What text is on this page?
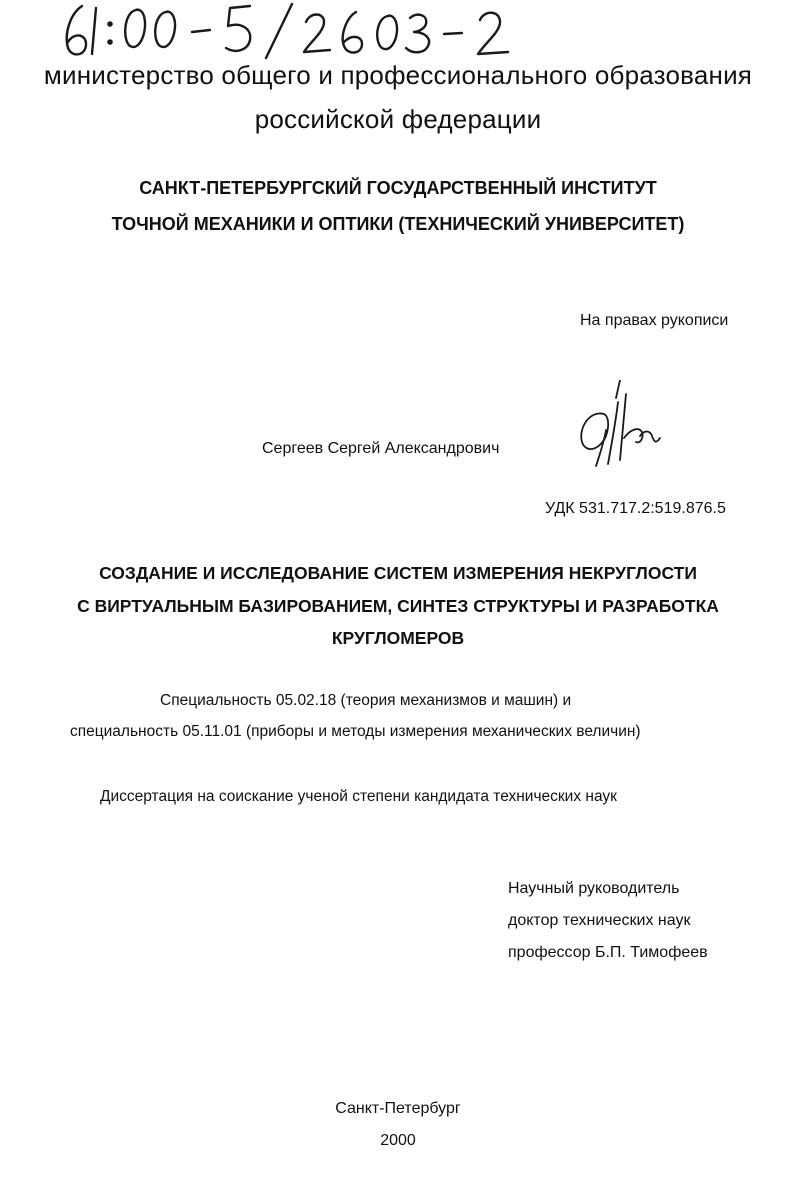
министерство общего и профессионального образования
российской федерации
САНКТ-ПЕТЕРБУРГСКИЙ ГОСУДАРСТВЕННЫЙ ИНСТИТУТ
ТОЧНОЙ МЕХАНИКИ И ОПТИКИ (ТЕХНИЧЕСКИЙ УНИВЕРСИТЕТ)
На правах рукописи
Сергеев Сергей Александрович
УДК 531.717.2:519.876.5
СОЗДАНИЕ И ИССЛЕДОВАНИЕ СИСТЕМ ИЗМЕРЕНИЯ НЕКРУГЛОСТИ
С ВИРТУАЛЬНЫМ БАЗИРОВАНИЕМ, СИНТЕЗ СТРУКТУРЫ И РАЗРАБОТКА
КРУГЛОМЕРОВ
Специальность 05.02.18 (теория механизмов и машин) и
специальность 05.11.01 (приборы и методы измерения механических величин)
Диссертация на соискание ученой степени кандидата технических наук
Научный руководитель
доктор технических наук
профессор Б.П. Тимофеев
Санкт-Петербург
2000
